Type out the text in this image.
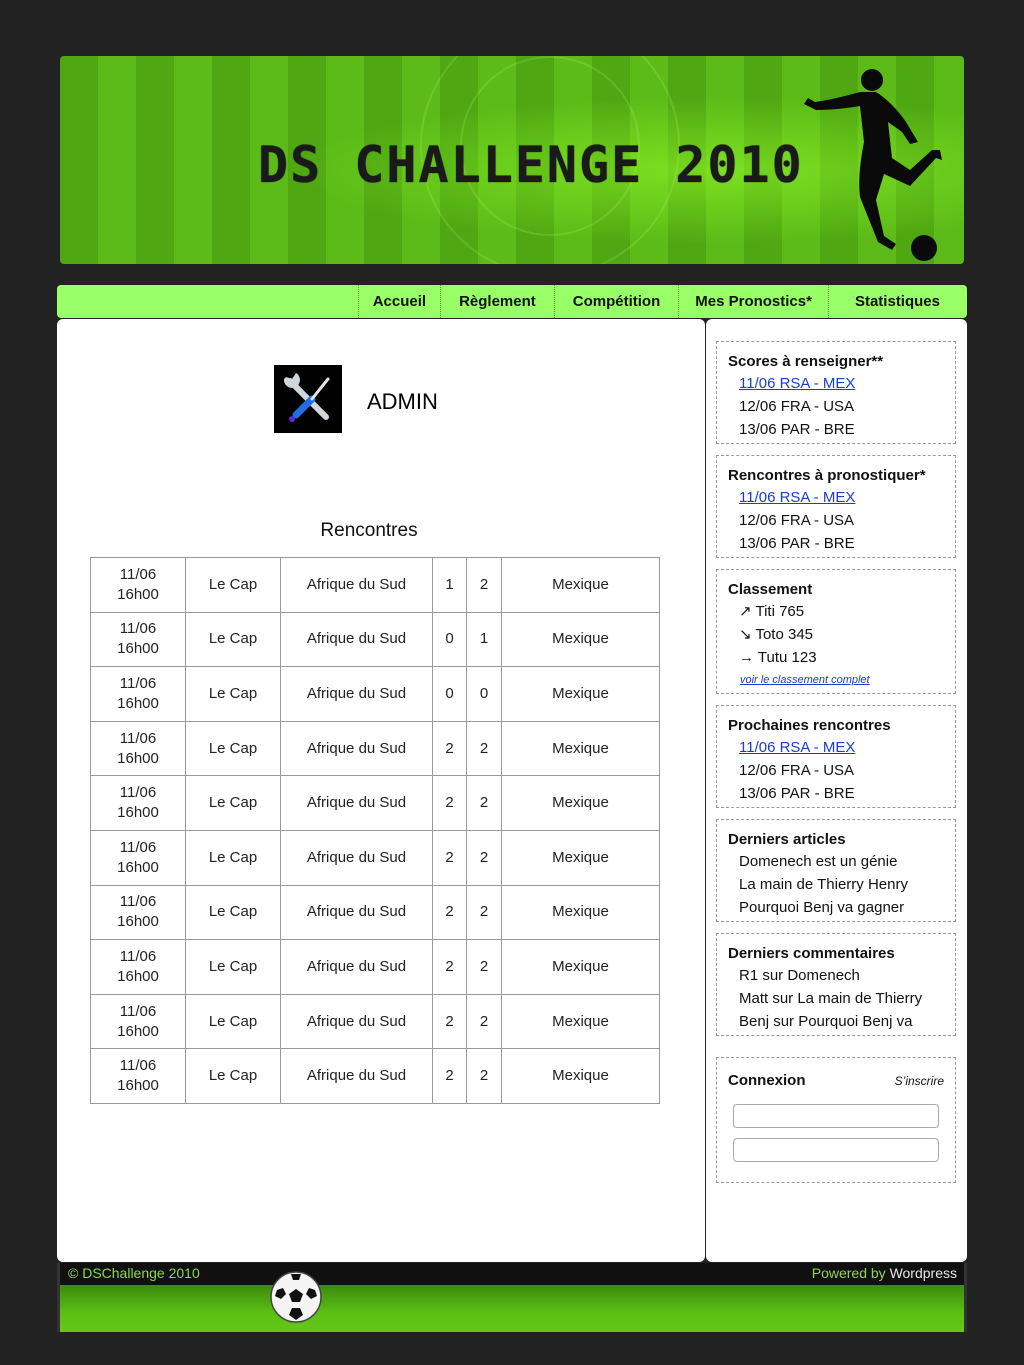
DS CHALLENGE 2010
Accueil	Règlement	Compétition	Mes Pronostics*	Statistiques
ADMIN
Rencontres
11/06
16h00	Le Cap	Afrique du Sud	1	2	Mexique

11/06
16h00	Le Cap	Afrique du Sud	0	1	Mexique

11/06
16h00	Le Cap	Afrique du Sud	0	0	Mexique

11/06
16h00	Le Cap	Afrique du Sud	2	2	Mexique

11/06
16h00	Le Cap	Afrique du Sud	2	2	Mexique

11/06
16h00	Le Cap	Afrique du Sud	2	2	Mexique

11/06
16h00	Le Cap	Afrique du Sud	2	2	Mexique

11/06
16h00	Le Cap	Afrique du Sud	2	2	Mexique

11/06
16h00	Le Cap	Afrique du Sud	2	2	Mexique

11/06
16h00	Le Cap	Afrique du Sud	2	2	Mexique
Scores à renseigner**
11/06 RSA - MEX
12/06 FRA - USA
13/06 PAR - BRE
Rencontres à pronostiquer*
11/06 RSA - MEX
12/06 FRA - USA
13/06 PAR - BRE
Classement
↗ Titi 765
↘ Toto 345
→ Tutu 123
voir le classement complet
Prochaines rencontres
11/06 RSA - MEX
12/06 FRA - USA
13/06 PAR - BRE
Derniers articles
Domenech est un génie
La main de Thierry Henry
Pourquoi Benj va gagner
Derniers commentaires
R1 sur Domenech
Matt sur La main de Thierry
Benj sur Pourquoi Benj va
Connexion	S’inscrire
© DSChallenge 2010	Powered by Wordpress
